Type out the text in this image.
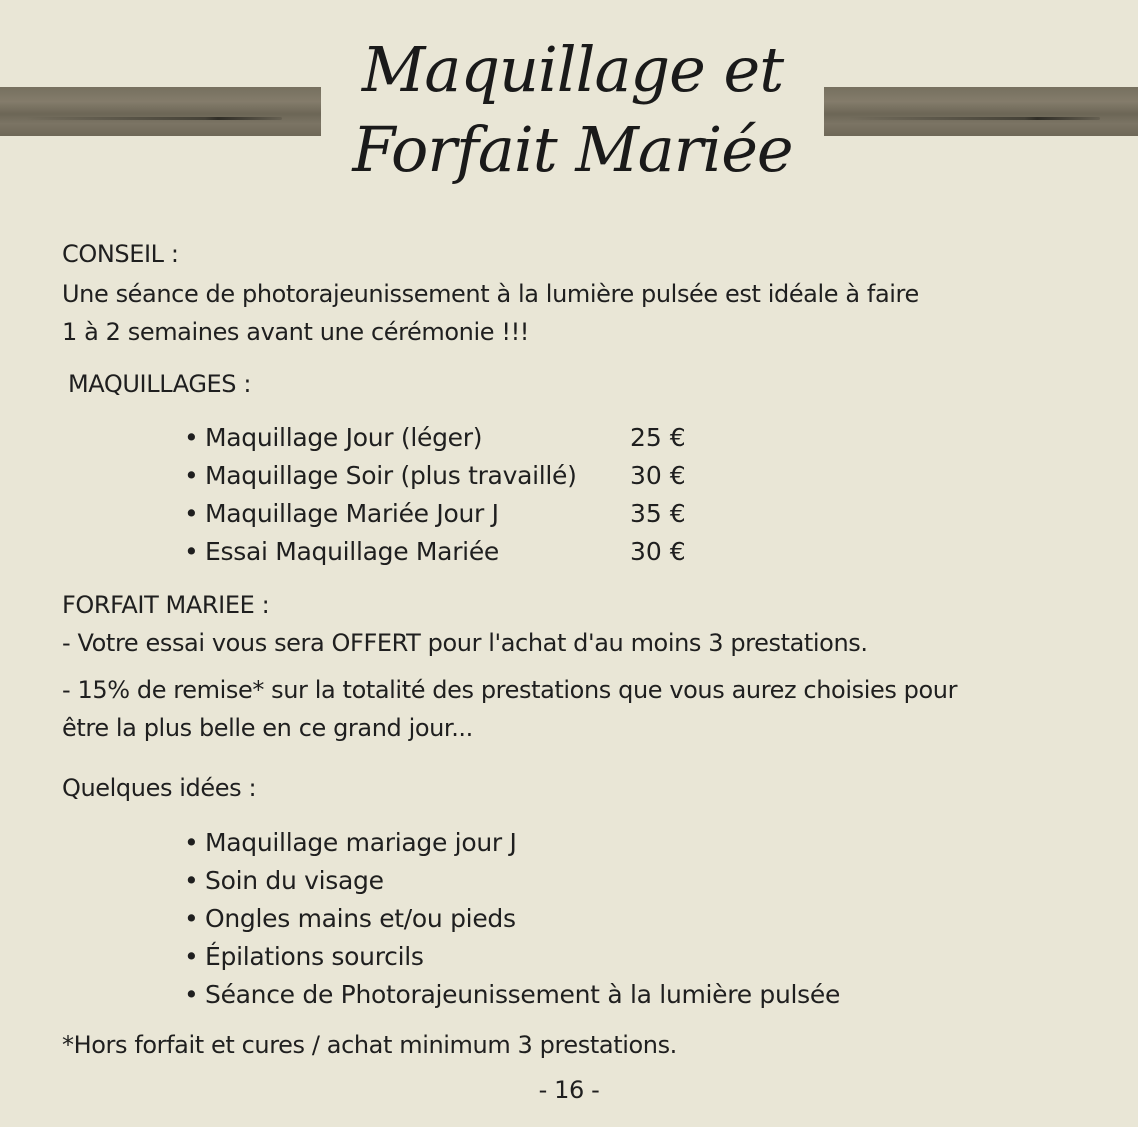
Maquillage et
Forfait Mariée
CONSEIL :
Une séance de photorajeunissement à la lumière pulsée est idéale à faire
1 à 2 semaines avant une cérémonie !!!
MAQUILLAGES :
• Maquillage Jour (léger)	25 €
• Maquillage Soir (plus travaillé) 30 €
• Maquillage Mariée Jour J	35 €
• Essai Maquillage Mariée	30 €
FORFAIT MARIEE :
- Votre essai vous sera OFFERT pour l'achat d'au moins 3 prestations.
- 15% de remise* sur la totalité des prestations que vous aurez choisies pour
être la plus belle en ce grand jour...
Quelques idées :
• Maquillage mariage jour J
• Soin du visage
• Ongles mains et/ou pieds
• Épilations sourcils
• Séance de Photorajeunissement à la lumière pulsée
*Hors forfait et cures / achat minimum 3 prestations.
- 16 -
